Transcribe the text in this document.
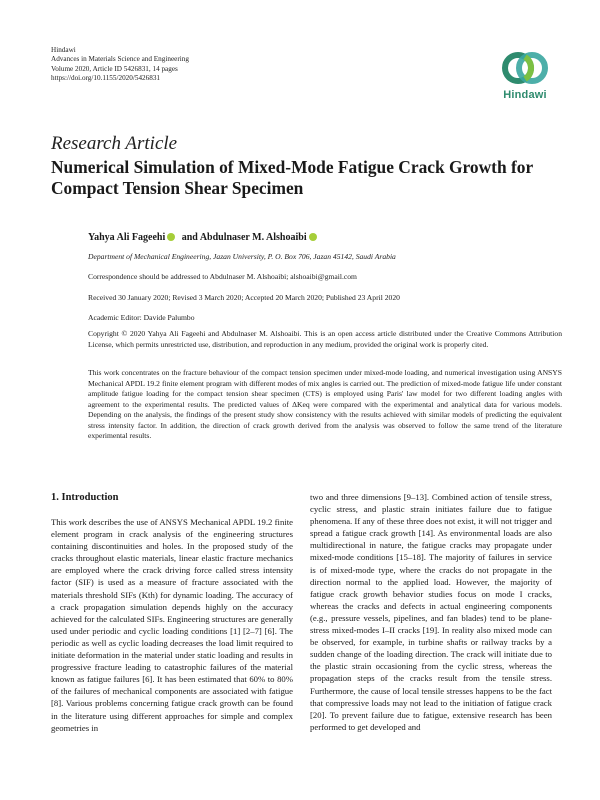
Hindawi
Advances in Materials Science and Engineering
Volume 2020, Article ID 5426831, 14 pages
https://doi.org/10.1155/2020/5426831
Hindawi
Research Article
Numerical Simulation of Mixed-Mode Fatigue Crack Growth for Compact Tension Shear Specimen
Yahya Ali Fageehi and Abdulnaser M. Alshoaibi
Department of Mechanical Engineering, Jazan University, P. O. Box 706, Jazan 45142, Saudi Arabia
Correspondence should be addressed to Abdulnaser M. Alshoaibi; alshoaibi@gmail.com
Received 30 January 2020; Revised 3 March 2020; Accepted 20 March 2020; Published 23 April 2020
Academic Editor: Davide Palumbo
Copyright © 2020 Yahya Ali Fageehi and Abdulnaser M. Alshoaibi. This is an open access article distributed under the Creative Commons Attribution License, which permits unrestricted use, distribution, and reproduction in any medium, provided the original work is properly cited.
This work concentrates on the fracture behaviour of the compact tension specimen under mixed-mode loading, and numerical investigation using ANSYS Mechanical APDL 19.2 finite element program with different modes of mix angles is carried out. The prediction of mixed-mode fatigue life under constant amplitude fatigue loading for the compact tension shear specimen (CTS) is employed using Paris' law model for two different loading angles with agreement to the experimental results. The predicted values of ΔKeq were compared with the experimental and analytical data for various models. Depending on the analysis, the findings of the present study show consistency with the results achieved with similar models of predicting the equivalent stress intensity factor. In addition, the direction of crack growth derived from the analysis was observed to follow the same trend of the literature experimental results.
1. Introduction
This work describes the use of ANSYS Mechanical APDL 19.2 finite element program in crack analysis of the engineering structures containing discontinuities and holes. In the proposed study of the cracks throughout elastic materials, linear elastic fracture mechanics are employed where the crack driving force called stress intensity factor (SIF) is used as a measure of fracture associated with the materials threshold SIFs (Kth) for dynamic loading. The accuracy of a crack propagation simulation depends highly on the accuracy achieved for the calculated SIFs. Engineering structures are generally used under periodic and cyclic loading conditions [1] [2–7] [6]. The periodic as well as cyclic loading decreases the load limit required to initiate deformation in the material under static loading and results in progressive fracture leading to catastrophic failures of the material known as fatigue failures [6]. It has been estimated that 60% to 80% of the failures of mechanical components are associated with fatigue [8]. Various problems concerning fatigue crack growth can be found in the literature using different approaches for simple and complex geometries in
two and three dimensions [9–13]. Combined action of tensile stress, cyclic stress, and plastic strain initiates failure due to fatigue phenomena. If any of these three does not exist, it will not trigger and spread a fatigue crack growth [14]. As environmental loads are also multidirectional in nature, the fatigue cracks may propagate under mixed-mode conditions [15–18]. The majority of failures in service is of mixed-mode type, where the cracks do not propagate in the direction normal to the applied load. However, the majority of fatigue crack growth behavior studies focus on mode I cracks, whereas the cracks and defects in actual engineering components (e.g., pressure vessels, pipelines, and fan blades) tend to be plane-stress mixed-modes I–II cracks [19]. In reality also mixed mode can be observed, for example, in turbine shafts or railway tracks by a sudden change of the loading direction. The crack will initiate due to the plastic strain occasioning from the cyclic stress, whereas the propagation steps of the cracks result from the tensile stress. Furthermore, the cause of local tensile stresses happens to be the fact that compressive loads may not lead to the initiation of fatigue crack [20]. To prevent failure due to fatigue, extensive research has been performed to get developed and
